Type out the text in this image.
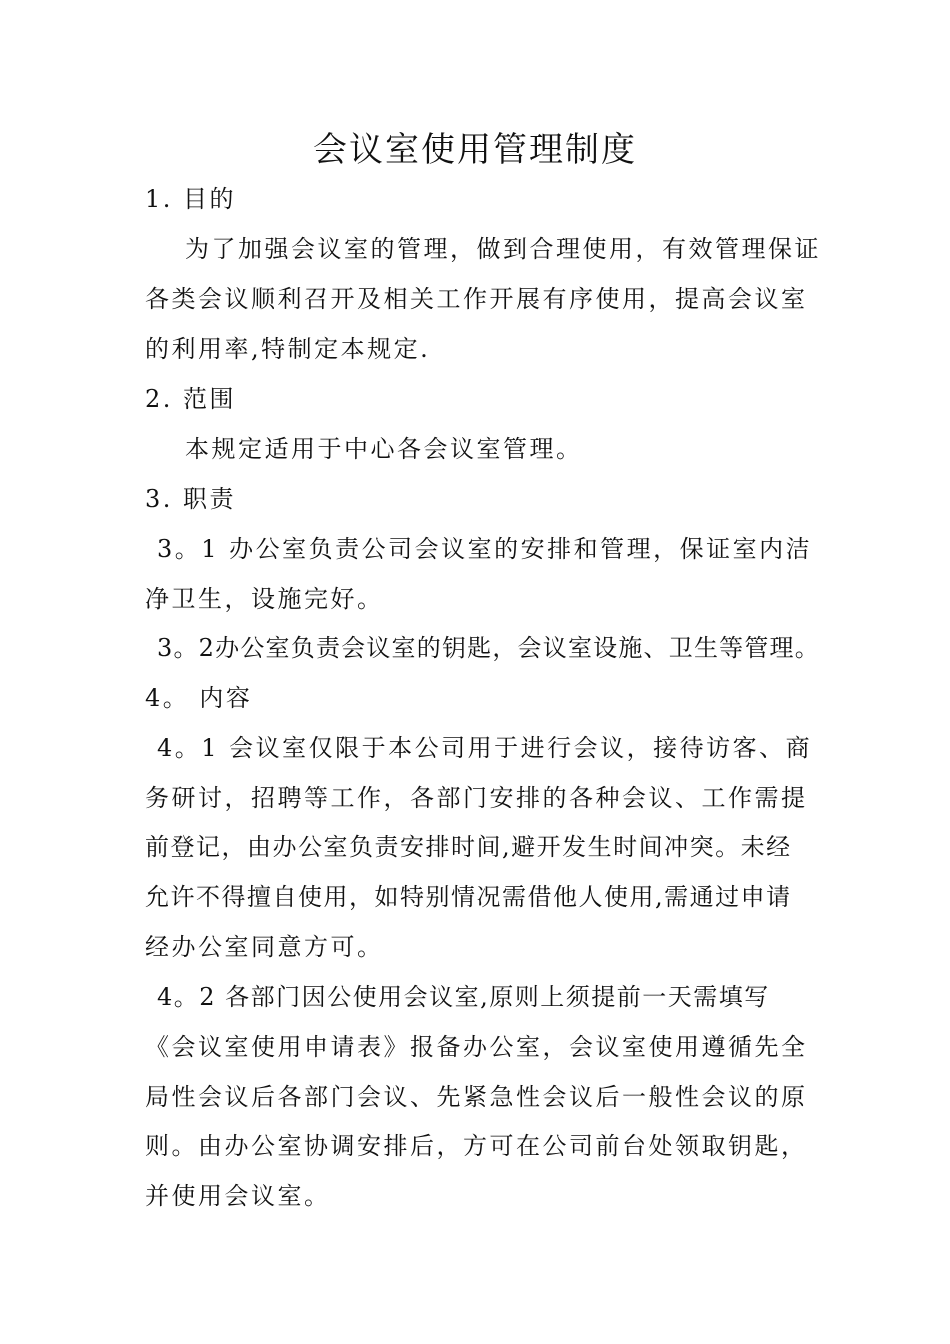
会议室使用管理制度
1. 目的
为了加强会议室的管理，做到合理使用，有效管理保证
各类会议顺利召开及相关工作开展有序使用，提高会议室
的利用率,特制定本规定.
2. 范围
本规定适用于中心各会议室管理。
3. 职责
3。1 办公室负责公司会议室的安排和管理，保证室内洁
净卫生，设施完好。
3。2办公室负责会议室的钥匙，会议室设施、卫生等管理。
4。 内容
4。1 会议室仅限于本公司用于进行会议，接待访客、商
务研讨，招聘等工作，各部门安排的各种会议、工作需提
前登记，由办公室负责安排时间,避开发生时间冲突。未经
允许不得擅自使用，如特别情况需借他人使用,需通过申请
经办公室同意方可。
4。2 各部门因公使用会议室,原则上须提前一天需填写
《会议室使用申请表》报备办公室，会议室使用遵循先全
局性会议后各部门会议、先紧急性会议后一般性会议的原
则。由办公室协调安排后，方可在公司前台处领取钥匙，
并使用会议室。
